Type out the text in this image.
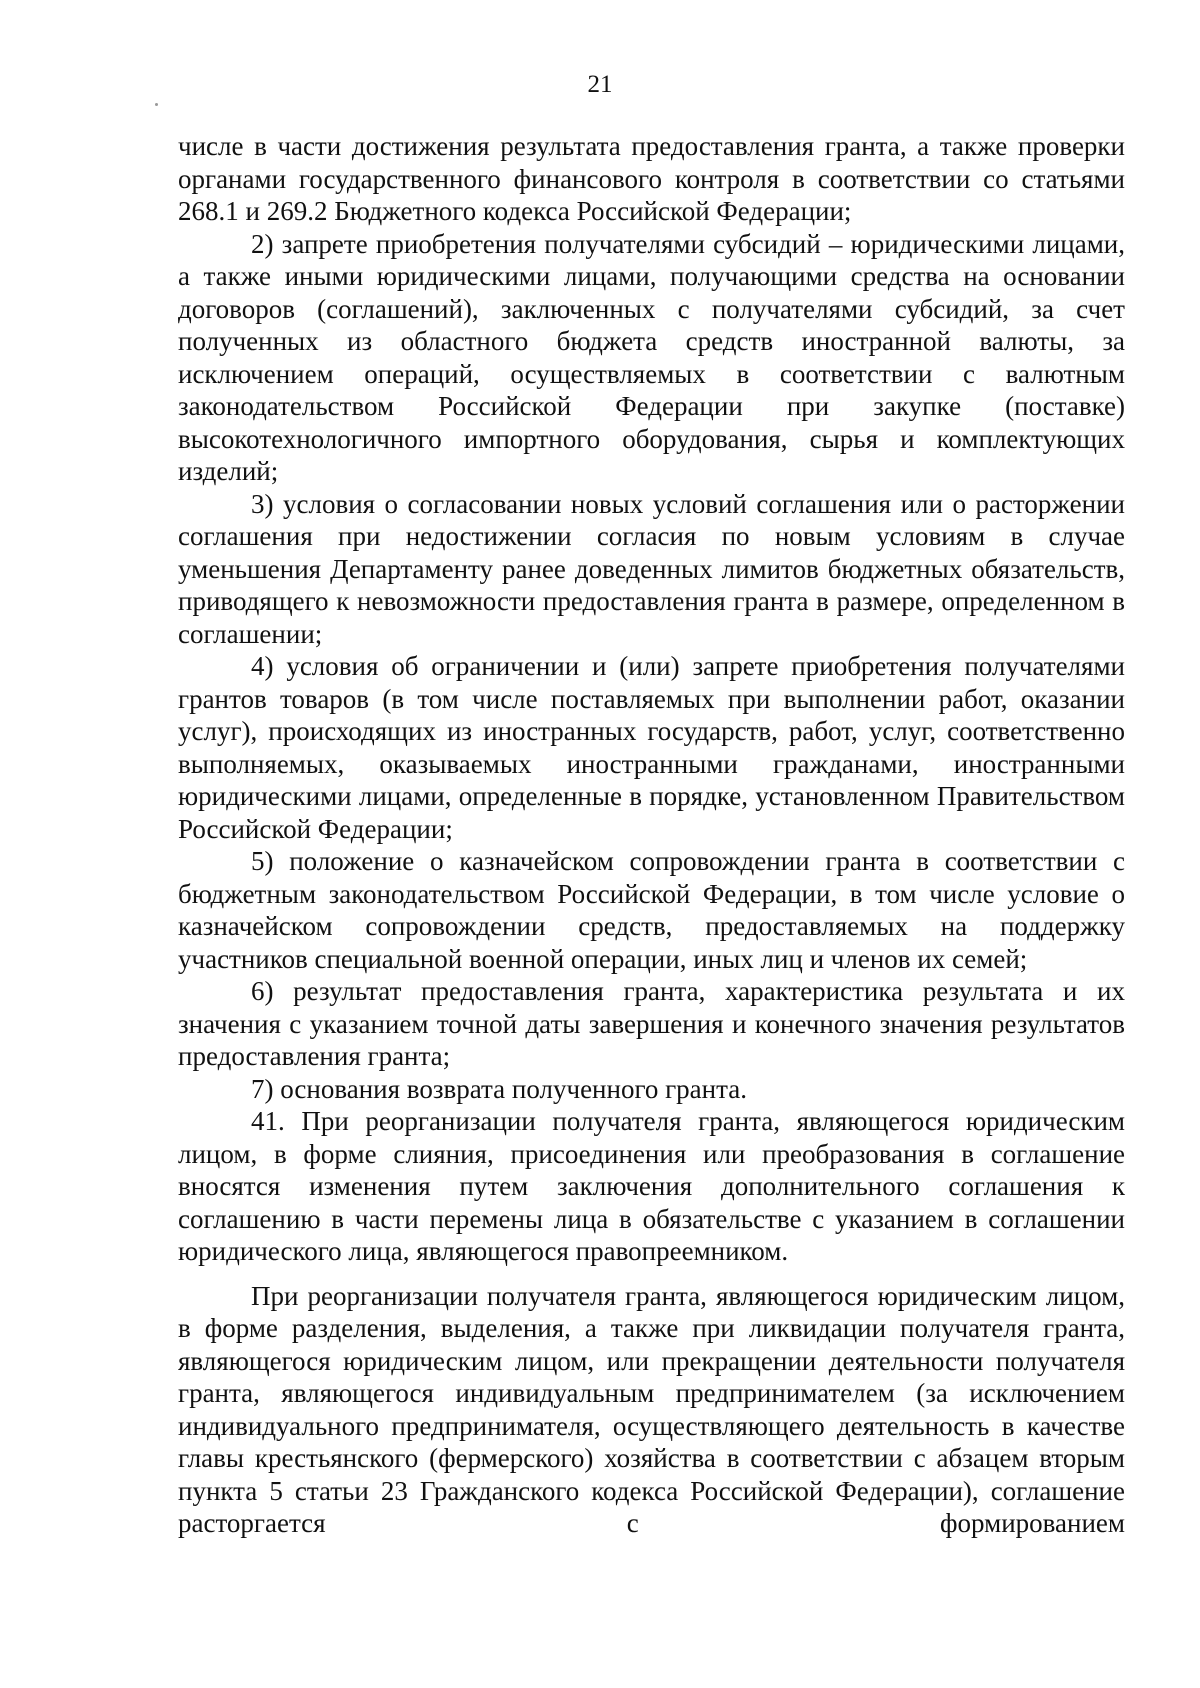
21

числе в части достижения результата предоставления гранта, а также проверки органами государственного финансового контроля в соответствии со статьями 268.1 и 269.2 Бюджетного кодекса Российской Федерации;

2) запрете приобретения получателями субсидий – юридическими лицами, а также иными юридическими лицами, получающими средства на основании договоров (соглашений), заключенных с получателями субсидий, за счет полученных из областного бюджета средств иностранной валюты, за исключением операций, осуществляемых в соответствии с валютным законодательством Российской Федерации при закупке (поставке) высокотехнологичного импортного оборудования, сырья и комплектующих изделий;

3) условия о согласовании новых условий соглашения или о расторжении соглашения при недостижении согласия по новым условиям в случае уменьшения Департаменту ранее доведенных лимитов бюджетных обязательств, приводящего к невозможности предоставления гранта в размере, определенном в соглашении;

4) условия об ограничении и (или) запрете приобретения получателями грантов товаров (в том числе поставляемых при выполнении работ, оказании услуг), происходящих из иностранных государств, работ, услуг, соответственно выполняемых, оказываемых иностранными гражданами, иностранными юридическими лицами, определенные в порядке, установленном Правительством Российской Федерации;

5) положение о казначейском сопровождении гранта в соответствии с бюджетным законодательством Российской Федерации, в том числе условие о казначейском сопровождении средств, предоставляемых на поддержку участников специальной военной операции, иных лиц и членов их семей;

6) результат предоставления гранта, характеристика результата и их значения с указанием точной даты завершения и конечного значения результатов предоставления гранта;

7) основания возврата полученного гранта.

41. При реорганизации получателя гранта, являющегося юридическим лицом, в форме слияния, присоединения или преобразования в соглашение вносятся изменения путем заключения дополнительного соглашения к соглашению в части перемены лица в обязательстве с указанием в соглашении юридического лица, являющегося правопреемником.

При реорганизации получателя гранта, являющегося юридическим лицом, в форме разделения, выделения, а также при ликвидации получателя гранта, являющегося юридическим лицом, или прекращении деятельности получателя гранта, являющегося индивидуальным предпринимателем (за исключением индивидуального предпринимателя, осуществляющего деятельность в качестве главы крестьянского (фермерского) хозяйства в соответствии с абзацем вторым пункта 5 статьи 23 Гражданского кодекса Российской Федерации), соглашение расторгается с формированием
